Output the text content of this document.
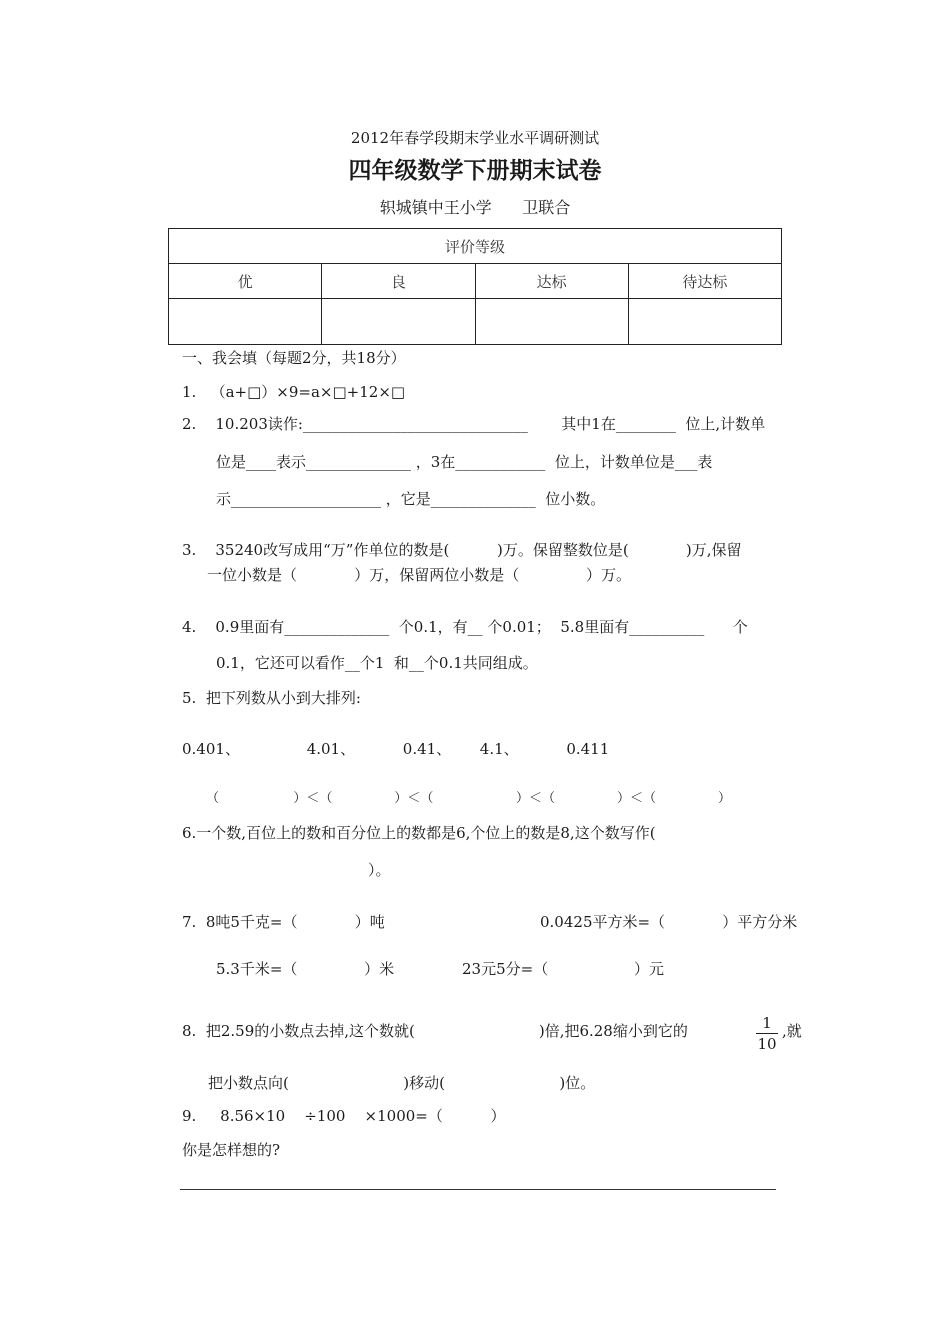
2012年春学段期末学业水平调研测试
四年级数学下册期末试卷
轵城镇中王小学      卫联合
评价等级			
优	良	达标	待达标

一、我会填（每题2分，共18分）
1.   （a+□）×9=a×□+12×□
2.    10.203读作:______________________________       其中1在________  位上,计数单
位是____表示______________ ，3在____________  位上，计数单位是___表
示____________________ ，它是______________  位小数。
3.    35240改写成用“万”作单位的数是(          )万。保留整数位是(            )万,保留
一位小数是（            ）万，保留两位小数是（              ）万。
4.    0.9里面有______________  个0.1，有__ 个0.01；  5.8里面有__________      个
0.1，它还可以看作__个1  和__个0.1共同组成。
5.  把下列数从小到大排列:
0.401、              4.01、          0.41、      4.1、          0.411
（                  ）＜（               ）＜（                    ）＜（               ）＜（               ）
6.一个数,百位上的数和百分位上的数都是6,个位上的数是8,这个数写作(
）。
7.  8吨5千克=（            ）吨	0.0425平方米=（            ）平方分米
5.3千米=（              ）米	23元5分=（                  ）元
8.  把2.59的小数点去掉,这个数就(                          )倍,把6.28缩小到它的	1
10
,就
把小数点向(                        )移动(                        )位。
9.     8.56×10    ÷100    ×1000=（          ）
你是怎样想的?
